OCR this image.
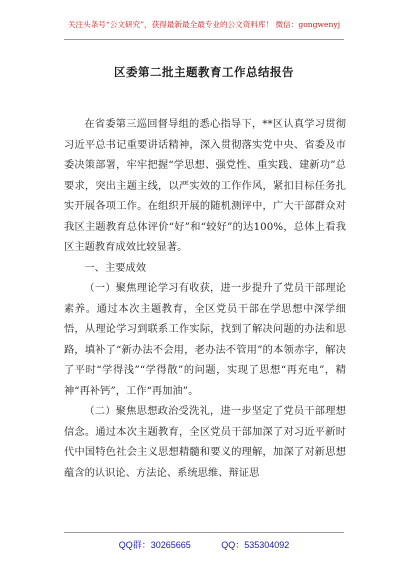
关注头条号“公文研究”，获得最新最全最专业的公文资料库！ 微信：gongwenyj
区委第二批主题教育工作总结报告

在省委第三巡回督导组的悉心指导下，**区认真学习贯彻习近平总书记重要讲话精神，深入贯彻落实党中央、省委及市委决策部署，牢牢把握“学思想、强党性、重实践、建新功”总要求，突出主题主线，以严实效的工作作风，紧扣目标任务扎实开展各项工作。在组织开展的随机测评中，广大干部群众对我区主题教育总体评价“好”和“较好”的达100%，总体上看我区主题教育成效比较显著。

一、主要成效

（一）聚焦理论学习有收获，进一步提升了党员干部理论素养。通过本次主题教育，全区党员干部在学思想中深学细悟，从理论学习到联系工作实际，找到了解决问题的办法和思路，填补了“新办法不会用，老办法不管用”的本领赤字，解决了平时“学得浅”“学得散”的问题，实现了思想“再充电”，精神“再补钙”，工作“再加油”。

（二）聚焦思想政治受洗礼，进一步坚定了党员干部理想信念。通过本次主题教育，全区党员干部加深了对习近平新时代中国特色社会主义思想精髓和要义的理解，加深了对新思想蕴含的认识论、方法论、系统思维、辩证思

QQ群：30265665	QQ：535304092
